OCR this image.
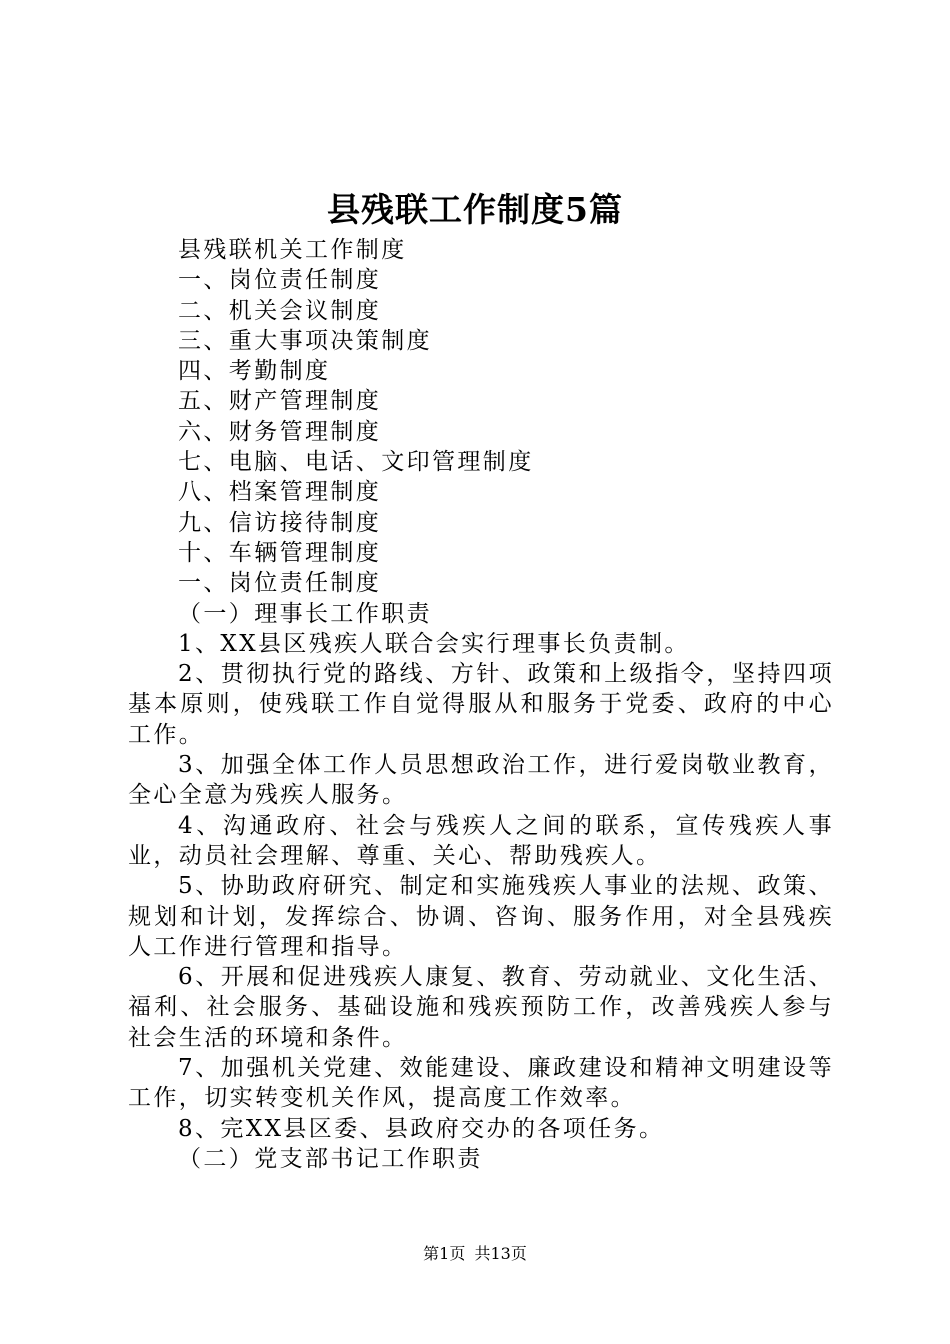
县残联工作制度5篇

县残联机关工作制度

一、岗位责任制度

二、机关会议制度

三、重大事项决策制度

四、考勤制度

五、财产管理制度

六、财务管理制度

七、电脑、电话、文印管理制度

八、档案管理制度

九、信访接待制度

十、车辆管理制度

一、岗位责任制度

（一）理事长工作职责

1、XX县区残疾人联合会实行理事长负责制。

2、贯彻执行党的路线、方针、政策和上级指令，坚持四项基本原则，使残联工作自觉得服从和服务于党委、政府的中心工作。

3、加强全体工作人员思想政治工作，进行爱岗敬业教育，全心全意为残疾人服务。

4、沟通政府、社会与残疾人之间的联系，宣传残疾人事业，动员社会理解、尊重、关心、帮助残疾人。

5、协助政府研究、制定和实施残疾人事业的法规、政策、规划和计划，发挥综合、协调、咨询、服务作用，对全县残疾人工作进行管理和指导。

6、开展和促进残疾人康复、教育、劳动就业、文化生活、福利、社会服务、基础设施和残疾预防工作，改善残疾人参与社会生活的环境和条件。

7、加强机关党建、效能建设、廉政建设和精神文明建设等工作，切实转变机关作风，提高度工作效率。

8、完XX县区委、县政府交办的各项任务。

（二）党支部书记工作职责

第1页 共13页
